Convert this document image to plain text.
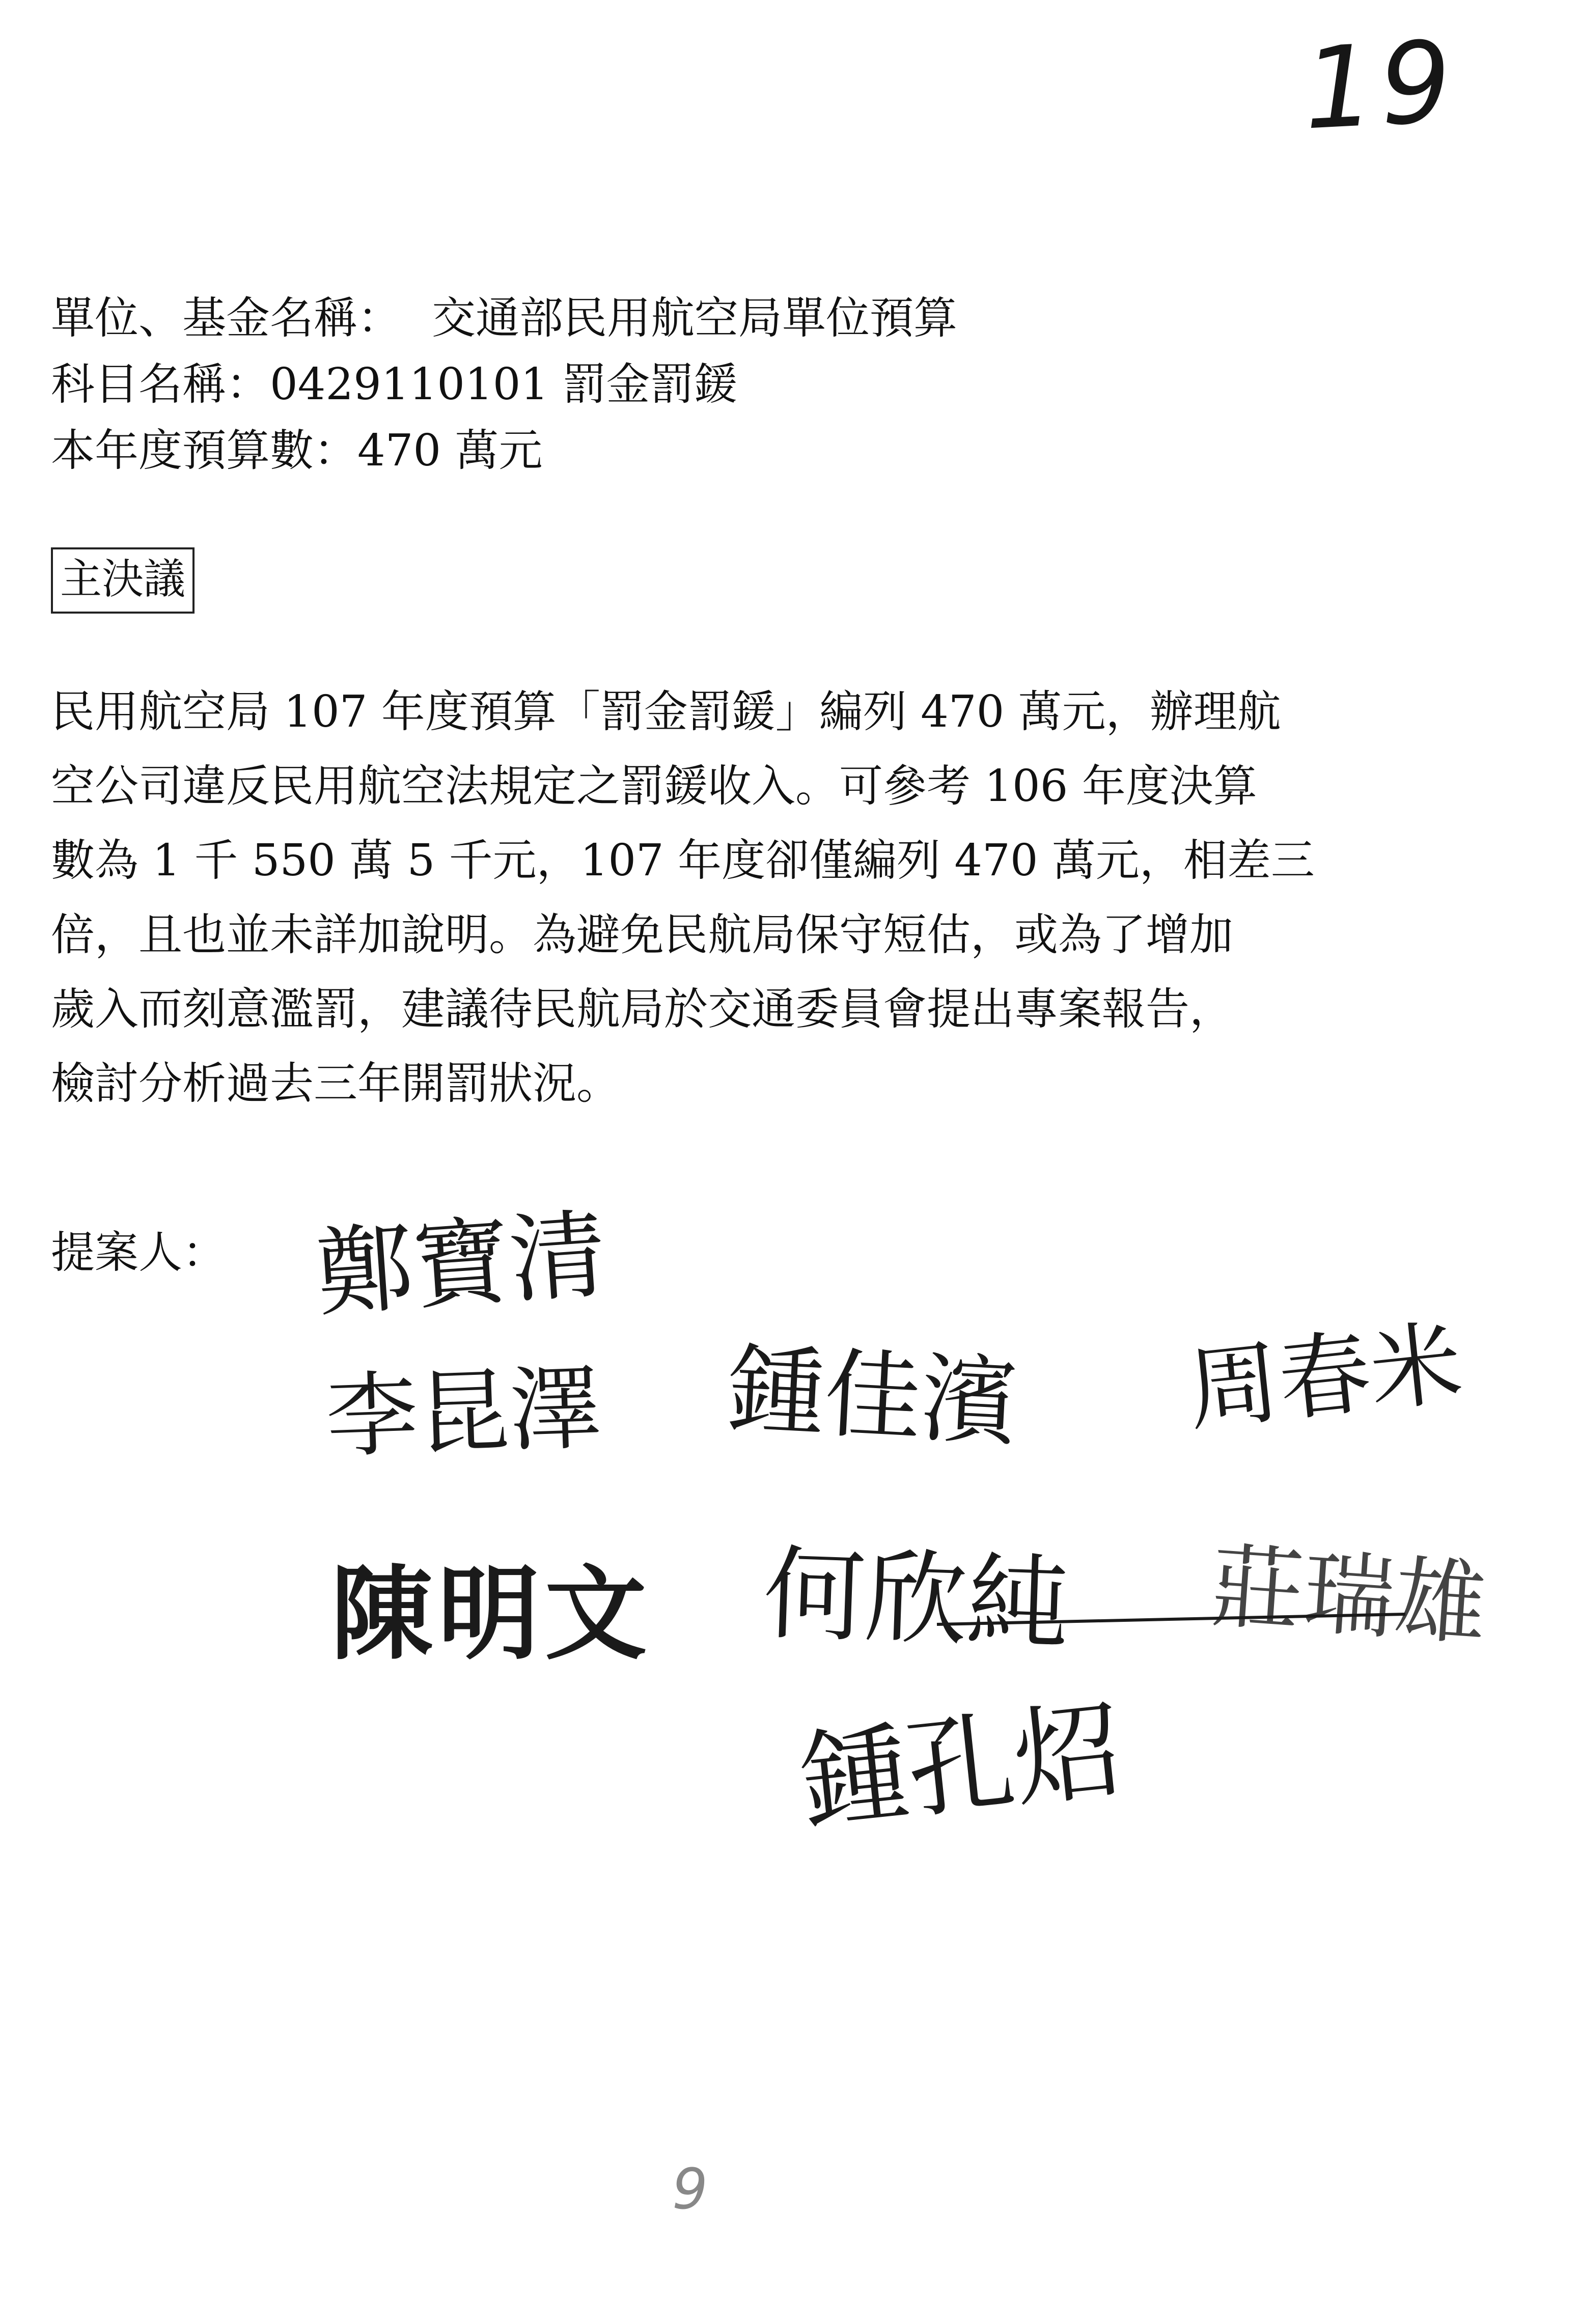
19
單位、基金名稱： 交通部民用航空局單位預算
科目名稱：0429110101 罰金罰鍰
本年度預算數：470 萬元
主決議
民用航空局 107 年度預算「罰金罰鍰」編列 470 萬元，辦理航
空公司違反民用航空法規定之罰鍰收入。可參考 106 年度決算
數為 1 千 550 萬 5 千元，107 年度卻僅編列 470 萬元，相差三
倍，且也並未詳加說明。為避免民航局保守短估，或為了增加
歲入而刻意濫罰，建議待民航局於交通委員會提出專案報告，
檢討分析過去三年開罰狀況。
提案人： 鄭寶清
李昆澤 鍾佳濱 周春米
陳明文 何欣純 莊瑞雄
鍾孔炤
9
